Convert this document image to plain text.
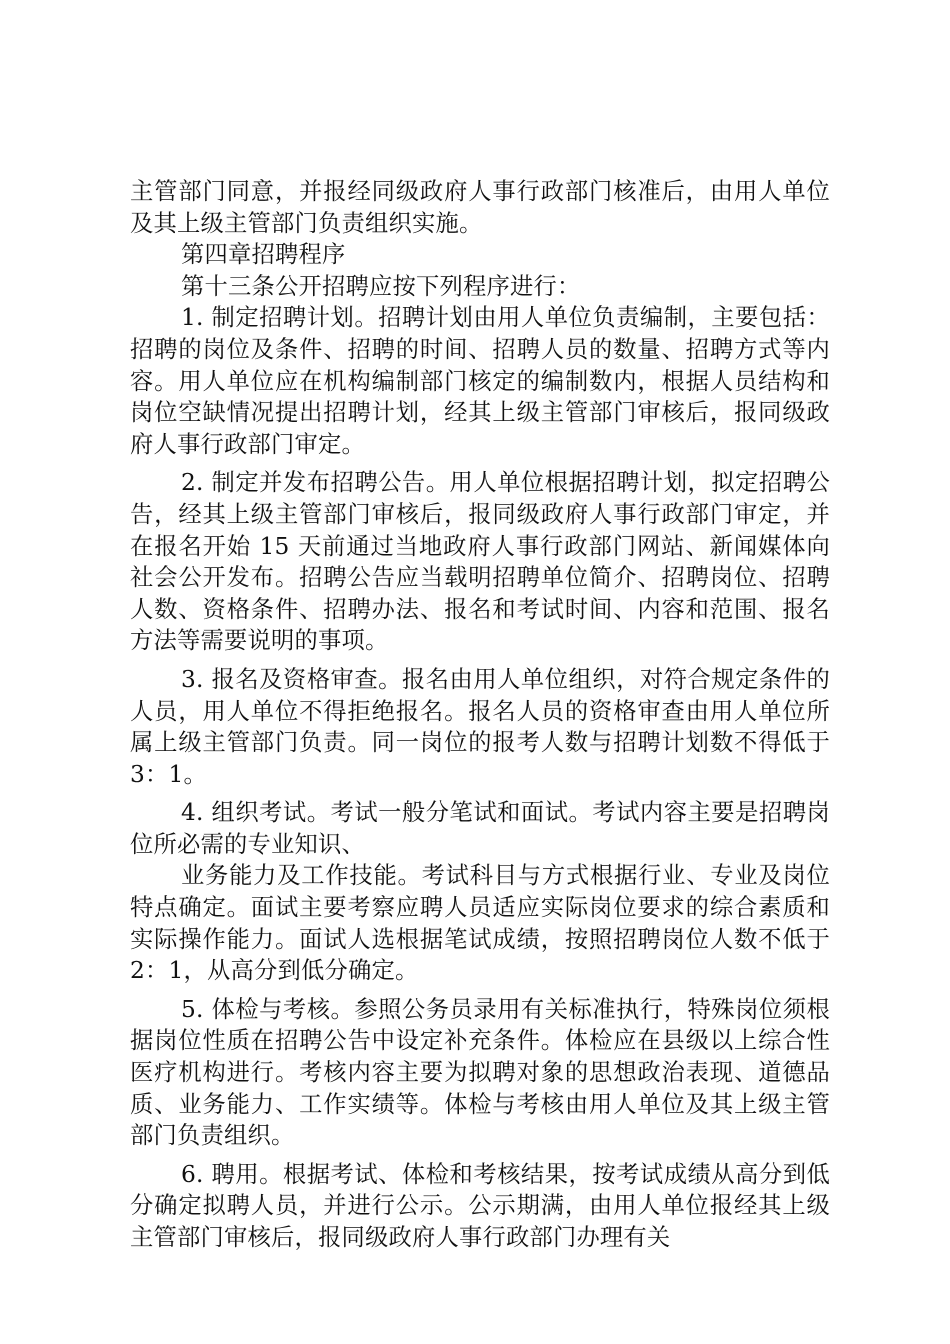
主管部门同意，并报经同级政府人事行政部门核准后，由用人单位及其上级主管部门负责组织实施。

第四章招聘程序

第十三条公开招聘应按下列程序进行：

1. 制定招聘计划。招聘计划由用人单位负责编制，主要包括：招聘的岗位及条件、招聘的时间、招聘人员的数量、招聘方式等内容。用人单位应在机构编制部门核定的编制数内，根据人员结构和岗位空缺情况提出招聘计划，经其上级主管部门审核后，报同级政府人事行政部门审定。

2. 制定并发布招聘公告。用人单位根据招聘计划，拟定招聘公告，经其上级主管部门审核后，报同级政府人事行政部门审定，并在报名开始 15 天前通过当地政府人事行政部门网站、新闻媒体向社会公开发布。招聘公告应当载明招聘单位简介、招聘岗位、招聘人数、资格条件、招聘办法、报名和考试时间、内容和范围、报名方法等需要说明的事项。

3. 报名及资格审查。报名由用人单位组织，对符合规定条件的人员，用人单位不得拒绝报名。报名人员的资格审查由用人单位所属上级主管部门负责。同一岗位的报考人数与招聘计划数不得低于 3：1。

4. 组织考试。考试一般分笔试和面试。考试内容主要是招聘岗位所必需的专业知识、

业务能力及工作技能。考试科目与方式根据行业、专业及岗位特点确定。面试主要考察应聘人员适应实际岗位要求的综合素质和实际操作能力。面试人选根据笔试成绩，按照招聘岗位人数不低于 2：1，从高分到低分确定。

5. 体检与考核。参照公务员录用有关标准执行，特殊岗位须根据岗位性质在招聘公告中设定补充条件。体检应在县级以上综合性医疗机构进行。考核内容主要为拟聘对象的思想政治表现、道德品质、业务能力、工作实绩等。体检与考核由用人单位及其上级主管部门负责组织。

6. 聘用。根据考试、体检和考核结果，按考试成绩从高分到低分确定拟聘人员，并进行公示。公示期满，由用人单位报经其上级主管部门审核后，报同级政府人事行政部门办理有关
